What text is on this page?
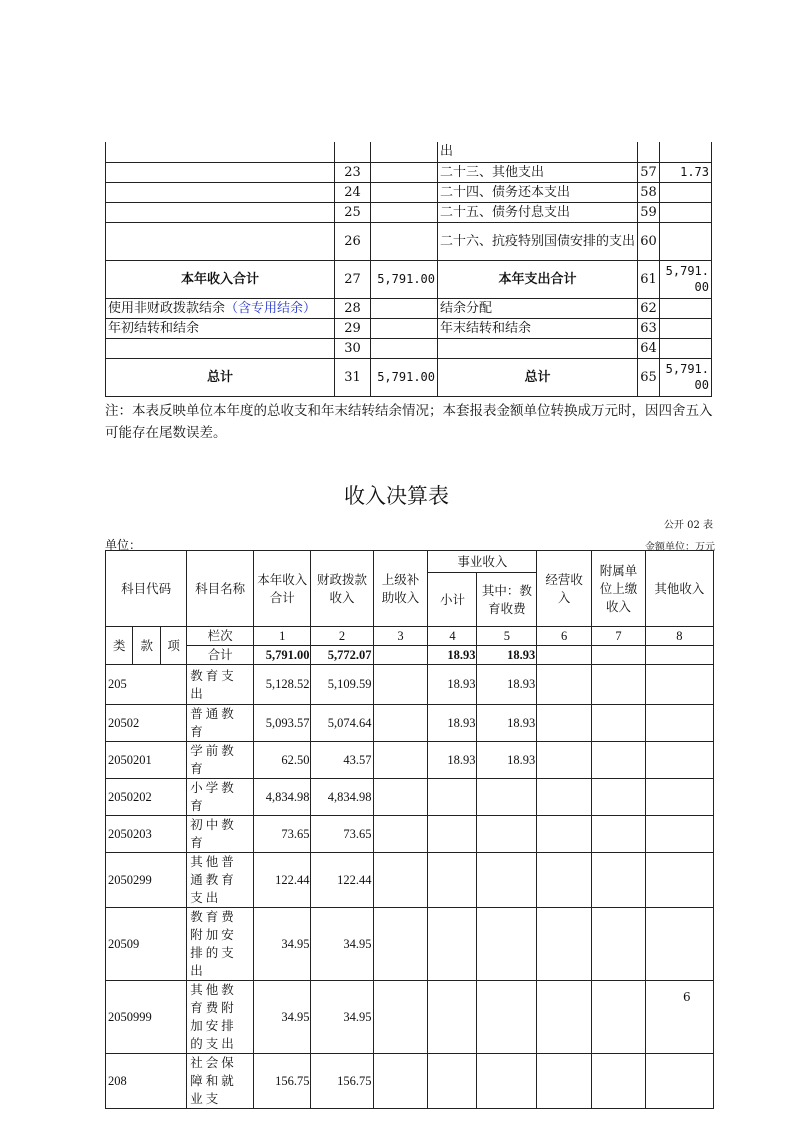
			出		
	23		二十三、其他支出	57	1.73
	24		二十四、债务还本支出	58	
	25		二十五、债务付息支出	59	
	26		二十六、抗疫特别国债安排的支出	60	
本年收入合计	27	5,791.00	本年支出合计	61	5,791.00
使用非财政拨款结余（含专用结余）	28		结余分配	62	
年初结转和结余	29		年末结转和结余	63	
	30			64	
总计	31	5,791.00	总计	65	5,791.00
注：本表反映单位本年度的总收支和年末结转结余情况；本套报表金额单位转换成万元时，因四舍五入可能存在尾数误差。
收入决算表
公开 02 表
单位：	金额单位：万元
科目代码			科目名称	本年收入合计	财政拨款收入	上级补助收入	事业收入		经营收入	附属单位上缴收入	其他收入
							小计	其中：教育收费			

类	款	项	栏次	1	2	3	4	5	6	7	8
			合计	5,791.00	5,772.07		18.93	18.93			
205			教育支出	5,128.52	5,109.59		18.93	18.93			
20502			普通教育	5,093.57	5,074.64		18.93	18.93			
2050201			学前教育	62.50	43.57		18.93	18.93			
2050202			小学教育	4,834.98	4,834.98						
2050203			初中教育	73.65	73.65						
2050299			其他普通教育支出	122.44	122.44						
20509			教育费附加安排的支出	34.95	34.95						
2050999			其他教育费附加安排的支出	34.95	34.95						
208			社会保障和就业支	156.75	156.75						
6
